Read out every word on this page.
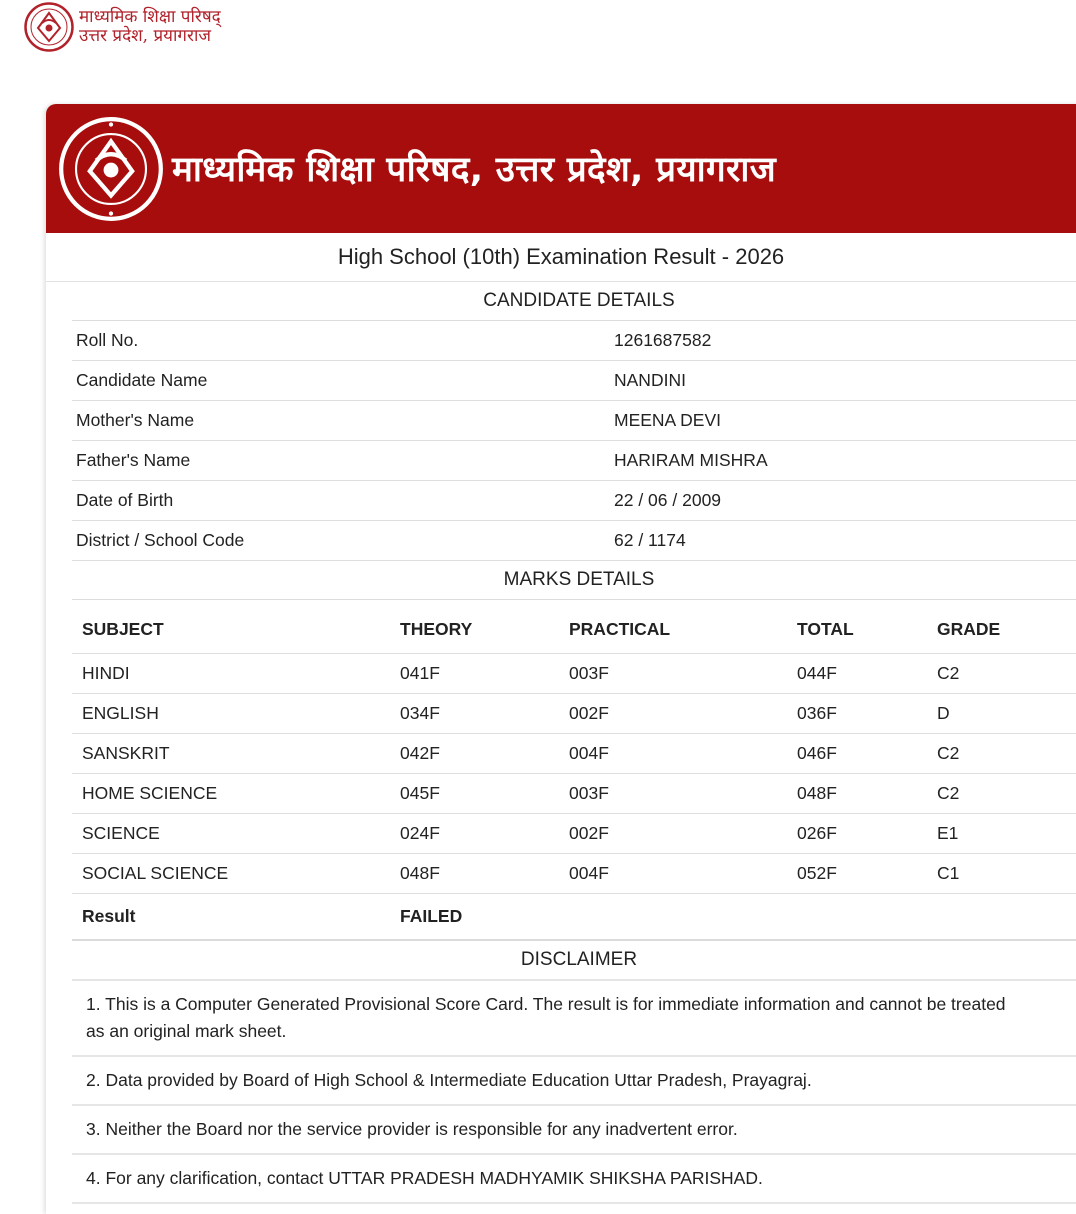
माध्यमिक शिक्षा परिषद्
उत्तर प्रदेश, प्रयागराज
माध्यमिक शिक्षा परिषद, उत्तर प्रदेश, प्रयागराज
High School (10th) Examination Result - 2026
CANDIDATE DETAILS
Roll No.	1261687582
Candidate Name	NANDINI
Mother's Name	MEENA DEVI
Father's Name	HARIRAM MISHRA
Date of Birth	22 / 06 / 2009
District / School Code	62 / 1174
MARKS DETAILS
SUBJECT	THEORY	PRACTICAL	TOTAL	GRADE
HINDI	041F	003F	044F	C2
ENGLISH	034F	002F	036F	D
SANSKRIT	042F	004F	046F	C2
HOME SCIENCE	045F	003F	048F	C2
SCIENCE	024F	002F	026F	E1
SOCIAL SCIENCE	048F	004F	052F	C1
Result	FAILED			
DISCLAIMER
1. This is a Computer Generated Provisional Score Card. The result is for immediate information and cannot be treated as an original mark sheet.
2. Data provided by Board of High School & Intermediate Education Uttar Pradesh, Prayagraj.
3. Neither the Board nor the service provider is responsible for any inadvertent error.
4. For any clarification, contact UTTAR PRADESH MADHYAMIK SHIKSHA PARISHAD.
